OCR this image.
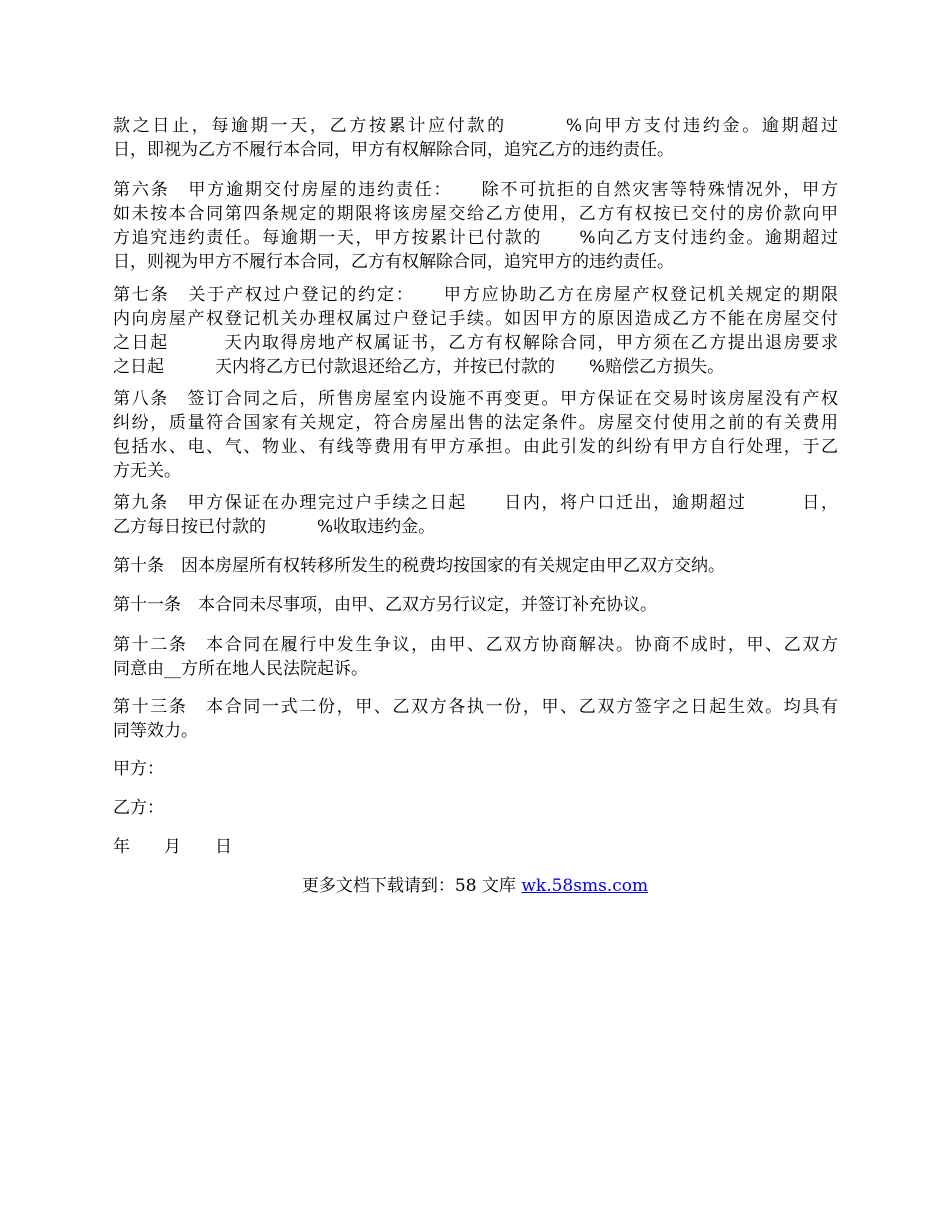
款之日止，每逾期一天，乙方按累计应付款的　　　%向甲方支付违约金。逾期超过
日，即视为乙方不履行本合同，甲方有权解除合同，追究乙方的违约责任。
第六条　甲方逾期交付房屋的违约责任：　　除不可抗拒的自然灾害等特殊情况外，甲方
如未按本合同第四条规定的期限将该房屋交给乙方使用，乙方有权按已交付的房价款向甲
方追究违约责任。每逾期一天，甲方按累计已付款的　　%向乙方支付违约金。逾期超过
日，则视为甲方不履行本合同，乙方有权解除合同，追究甲方的违约责任。
第七条　关于产权过户登记的约定：　　甲方应协助乙方在房屋产权登记机关规定的期限
内向房屋产权登记机关办理权属过户登记手续。如因甲方的原因造成乙方不能在房屋交付
之日起　　　天内取得房地产权属证书，乙方有权解除合同，甲方须在乙方提出退房要求
之日起　　　天内将乙方已付款退还给乙方，并按已付款的　　%赔偿乙方损失。
第八条　签订合同之后，所售房屋室内设施不再变更。甲方保证在交易时该房屋没有产权
纠纷，质量符合国家有关规定，符合房屋出售的法定条件。房屋交付使用之前的有关费用
包括水、电、气、物业、有线等费用有甲方承担。由此引发的纠纷有甲方自行处理，于乙
方无关。
第九条　甲方保证在办理完过户手续之日起　　日内，将户口迁出，逾期超过　　　日，
乙方每日按已付款的　　　%收取违约金。
第十条　因本房屋所有权转移所发生的税费均按国家的有关规定由甲乙双方交纳。
第十一条　本合同未尽事项，由甲、乙双方另行议定，并签订补充协议。
第十二条　本合同在履行中发生争议，由甲、乙双方协商解决。协商不成时，甲、乙双方
同意由__方所在地人民法院起诉。
第十三条　本合同一式二份，甲、乙双方各执一份，甲、乙双方签字之日起生效。均具有
同等效力。
甲方：
乙方：
年　　月　　日
更多文档下载请到：58 文库 wk.58sms.com
